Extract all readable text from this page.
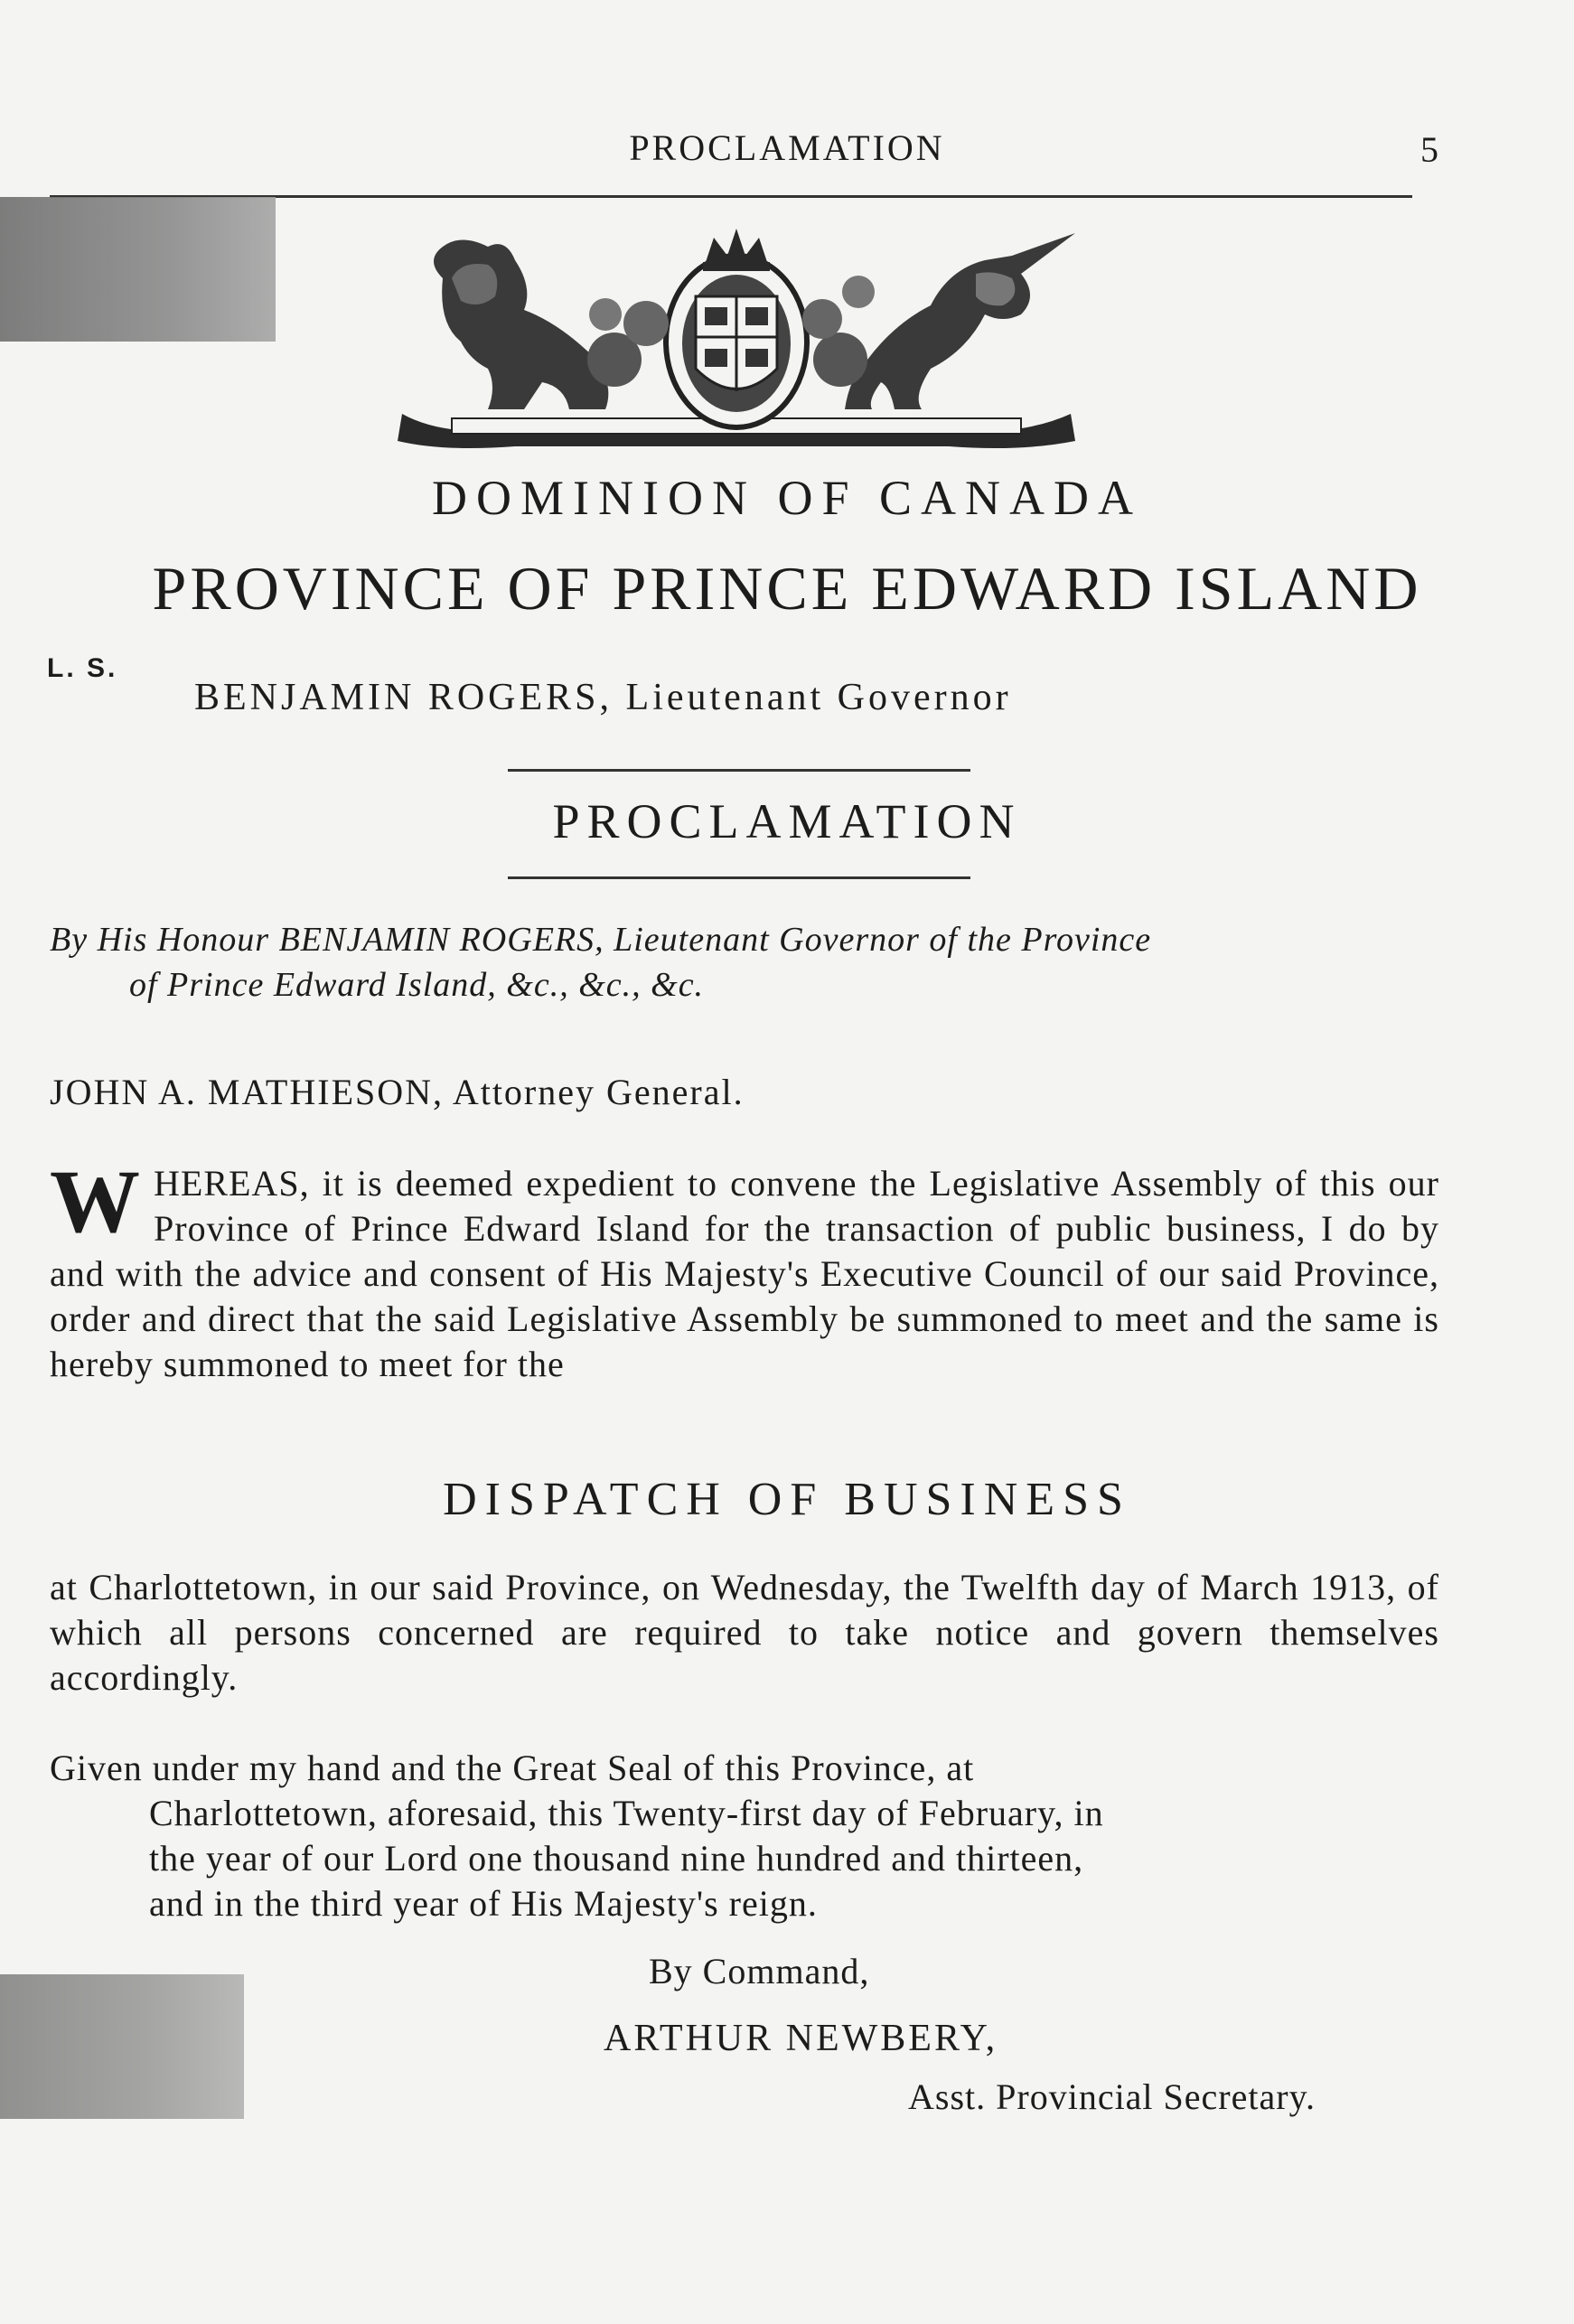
PROCLAMATION	5
DOMINION OF CANADA
PROVINCE OF PRINCE EDWARD ISLAND
L. S.
BENJAMIN ROGERS, Lieutenant Governor
PROCLAMATION
By His Honour BENJAMIN ROGERS, Lieutenant Governor of the Province
of Prince Edward Island, &c., &c., &c.
JOHN A. MATHIESON, Attorney General.
WHEREAS, it is deemed expedient to convene the Legislative Assembly of this our Province of Prince Edward Island for the transaction of public business, I do by and with the advice and consent of His Majesty's Executive Council of our said Province, order and direct that the said Legislative Assembly be summoned to meet and the same is hereby summoned to meet for the
DISPATCH OF BUSINESS
at Charlottetown, in our said Province, on Wednesday, the Twelfth day of March 1913, of which all persons concerned are required to take notice and govern themselves accordingly.
Given under my hand and the Great Seal of this Province, at
Charlottetown, aforesaid, this Twenty-first day of February, in
the year of our Lord one thousand nine hundred and thirteen,
and in the third year of His Majesty's reign.
By Command,
ARTHUR NEWBERY,
Asst. Provincial Secretary.
